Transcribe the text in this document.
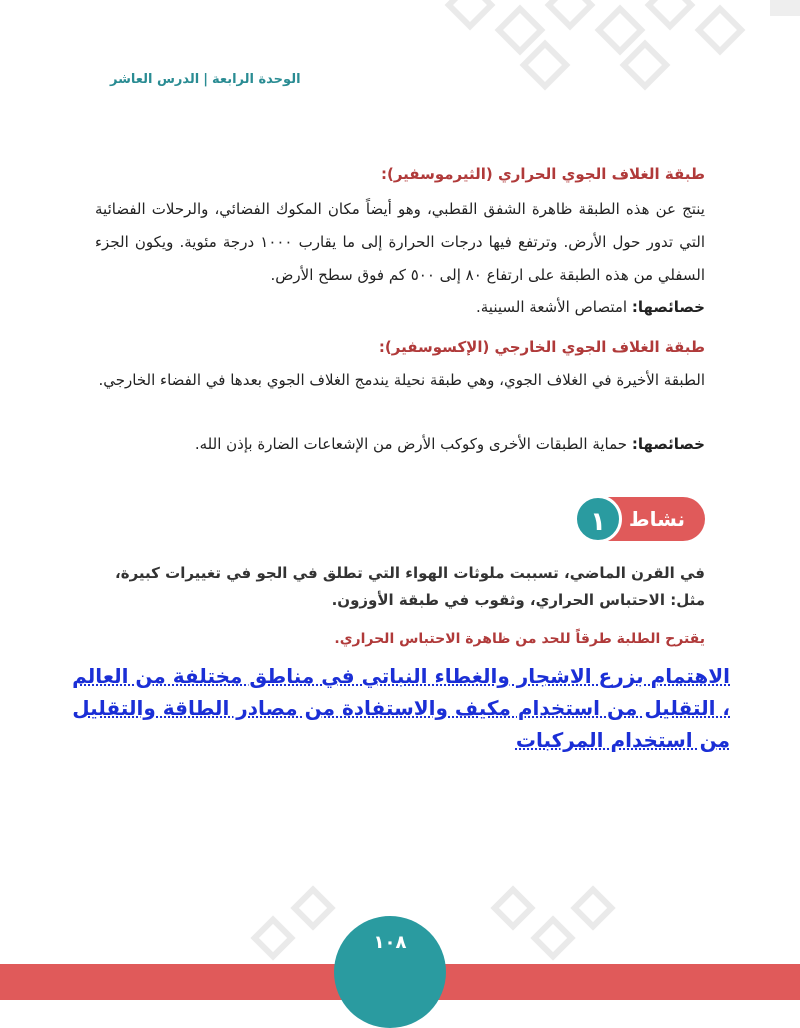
الوحدة الرابعة|الدرس العاشر
طبقة الغلاف الجوي الحراري (الثيرموسفير):
ينتج عن هذه الطبقة ظاهرة الشفق القطبي، وهو أيضاً مكان المكوك الفضائي، والرحلات الفضائية التي تدور حول الأرض. وترتفع فيها درجات الحرارة إلى ما يقارب ١٠٠٠ درجة مئوية. ويكون الجزء السفلي من هذه الطبقة على ارتفاع ٨٠ إلى ٥٠٠ كم فوق سطح الأرض.
خصائصها: امتصاص الأشعة السينية.
طبقة الغلاف الجوي الخارجي (الإكسوسفير):
الطبقة الأخيرة في الغلاف الجوي، وهي طبقة نحيلة يندمج الغلاف الجوي بعدها في الفضاء الخارجي.
خصائصها: حماية الطبقات الأخرى وكوكب الأرض من الإشعاعات الضارة بإذن الله.
نشاط
١
في القرن الماضي، تسببت ملوثات الهواء التي تطلق في الجو في تغييرات كبيرة، مثل: الاحتباس الحراري، وثقوب في طبقة الأوزون.
يقترح الطلبة طرقاً للحد من ظاهرة الاحتباس الحراري.
الاهتمام بزرع الاشجار والغطاء النباتي في مناطق مختلفة من العالم ، التقليل من استخدام مكيف والاستفادة من مصادر الطاقة والتقليل من استخدام المركبات
١٠٨
